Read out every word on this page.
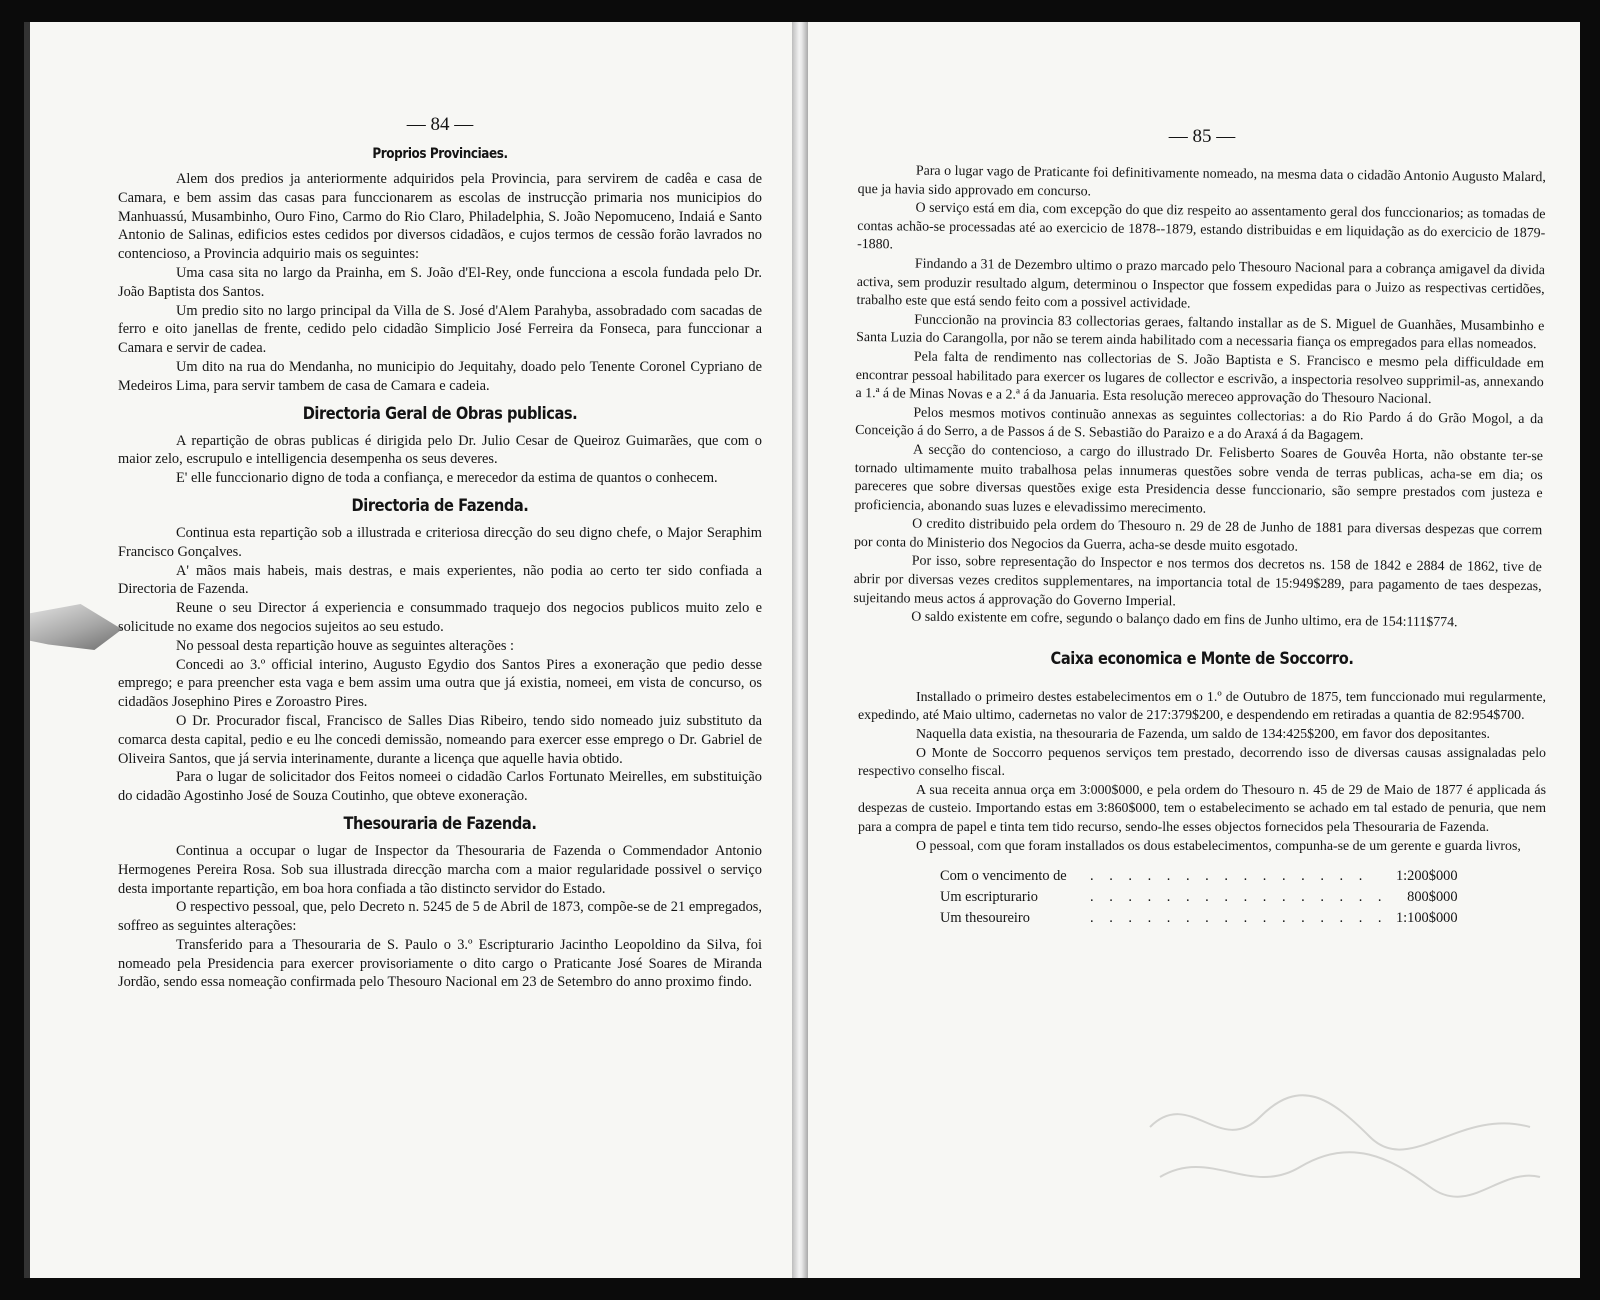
— 84 —
Proprios Provinciaes.

Alem dos predios ja anteriormente adquiridos pela Provincia, para servirem de cadêa e casa de Camara, e bem assim das casas para funccionarem as escolas de instrucção primaria nos municipios do Manhuassú, Musambinho, Ouro Fino, Carmo do Rio Claro, Philadelphia, S. João Nepomuceno, Indaiá e Santo Antonio de Salinas, edificios estes cedidos por diversos cidadãos, e cujos termos de cessão forão lavrados no contencioso, a Provincia adquirio mais os seguintes:

Uma casa sita no largo da Prainha, em S. João d'El-Rey, onde funcciona a escola fundada pelo Dr. João Baptista dos Santos.

Um predio sito no largo principal da Villa de S. José d'Alem Parahyba, assobradado com sacadas de ferro e oito janellas de frente, cedido pelo cidadão Simplicio José Ferreira da Fonseca, para funccionar a Camara e servir de cadea.

Um dito na rua do Mendanha, no municipio do Jequitahy, doado pelo Tenente Coronel Cypriano de Medeiros Lima, para servir tambem de casa de Camara e cadeia.

Directoria Geral de Obras publicas.

A repartição de obras publicas é dirigida pelo Dr. Julio Cesar de Queiroz Guimarães, que com o maior zelo, escrupulo e intelligencia desempenha os seus deveres.

E' elle funccionario digno de toda a confiança, e merecedor da estima de quantos o conhecem.

Directoria de Fazenda.

Continua esta repartição sob a illustrada e criteriosa direcção do seu digno chefe, o Major Seraphim Francisco Gonçalves.

A' mãos mais habeis, mais destras, e mais experientes, não podia ao certo ter sido confiada a Directoria de Fazenda.

Reune o seu Director á experiencia e consummado traquejo dos negocios publicos muito zelo e solicitude no exame dos negocios sujeitos ao seu estudo.

No pessoal desta repartição houve as seguintes alterações :

Concedi ao 3.º official interino, Augusto Egydio dos Santos Pires a exoneração que pedio desse emprego; e para preencher esta vaga e bem assim uma outra que já existia, nomeei, em vista de concurso, os cidadãos Josephino Pires e Zoroastro Pires.

O Dr. Procurador fiscal, Francisco de Salles Dias Ribeiro, tendo sido nomeado juiz substituto da comarca desta capital, pedio e eu lhe concedi demissão, nomeando para exercer esse emprego o Dr. Gabriel de Oliveira Santos, que já servia interinamente, durante a licença que aquelle havia obtido.

Para o lugar de solicitador dos Feitos nomeei o cidadão Carlos Fortunato Meirelles, em substituição do cidadão Agostinho José de Souza Coutinho, que obteve exoneração.

Thesouraria de Fazenda.

Continua a occupar o lugar de Inspector da Thesouraria de Fazenda o Commendador Antonio Hermogenes Pereira Rosa. Sob sua illustrada direcção marcha com a maior regularidade possivel o serviço desta importante repartição, em boa hora confiada a tão distincto servidor do Estado.

O respectivo pessoal, que, pelo Decreto n. 5245 de 5 de Abril de 1873, compõe-se de 21 empregados, soffreo as seguintes alterações:

Transferido para a Thesouraria de S. Paulo o 3.º Escripturario Jacintho Leopoldino da Silva, foi nomeado pela Presidencia para exercer provisoriamente o dito cargo o Praticante José Soares de Miranda Jordão, sendo essa nomeação confirmada pelo Thesouro Nacional em 23 de Setembro do anno proximo findo.

— 85 —

Para o lugar vago de Praticante foi definitivamente nomeado, na mesma data o cidadão Antonio Augusto Malard, que ja havia sido approvado em concurso.

O serviço está em dia, com excepção do que diz respeito ao assentamento geral dos funccionarios; as tomadas de contas achão-se processadas até ao exercicio de 1878--1879, estando distribuidas e em liquidação as do exercicio de 1879--1880.

Findando a 31 de Dezembro ultimo o prazo marcado pelo Thesouro Nacional para a cobrança amigavel da divida activa, sem produzir resultado algum, determinou o Inspector que fossem expedidas para o Juizo as respectivas certidões, trabalho este que está sendo feito com a possivel actividade.

Funccionão na provincia 83 collectorias geraes, faltando installar as de S. Miguel de Guanhães, Musambinho e Santa Luzia do Carangolla, por não se terem ainda habilitado com a necessaria fiança os empregados para ellas nomeados.

Pela falta de rendimento nas collectorias de S. João Baptista e S. Francisco e mesmo pela difficuldade em encontrar pessoal habilitado para exercer os lugares de collector e escrivão, a inspectoria resolveo supprimil-as, annexando a 1.ª á de Minas Novas e a 2.ª á da Januaria. Esta resolução mereceo approvação do Thesouro Nacional.

Pelos mesmos motivos continuão annexas as seguintes collectorias: a do Rio Pardo á do Grão Mogol, a da Conceição á do Serro, a de Passos á de S. Sebastião do Paraizo e a do Araxá á da Bagagem.

A secção do contencioso, a cargo do illustrado Dr. Felisberto Soares de Gouvêa Horta, não obstante ter-se tornado ultimamente muito trabalhosa pelas innumeras questões sobre venda de terras publicas, acha-se em dia; os pareceres que sobre diversas questões exige esta Presidencia desse funccionario, são sempre prestados com justeza e proficiencia, abonando suas luzes e elevadissimo merecimento.

O credito distribuido pela ordem do Thesouro n. 29 de 28 de Junho de 1881 para diversas despezas que correm por conta do Ministerio dos Negocios da Guerra, acha-se desde muito esgotado.

Por isso, sobre representação do Inspector e nos termos dos decretos ns. 158 de 1842 e 2884 de 1862, tive de abrir por diversas vezes creditos supplementares, na importancia total de 15:949$289, para pagamento de taes despezas, sujeitando meus actos á approvação do Governo Imperial.

O saldo existente em cofre, segundo o balanço dado em fins de Junho ultimo, era de 154:111$774.

Caixa economica e Monte de Soccorro.

Installado o primeiro destes estabelecimentos em o 1.º de Outubro de 1875, tem funccionado mui regularmente, expedindo, até Maio ultimo, cadernetas no valor de 217:379$200, e despendendo em retiradas a quantia de 82:954$700.

Naquella data existia, na thesouraria de Fazenda, um saldo de 134:425$200, em favor dos depositantes.

O Monte de Soccorro pequenos serviços tem prestado, decorrendo isso de diversas causas assignaladas pelo respectivo conselho fiscal.

A sua receita annua orça em 3:000$000, e pela ordem do Thesouro n. 45 de 29 de Maio de 1877 é applicada ás despezas de custeio. Importando estas em 3:860$000, tem o estabelecimento se achado em tal estado de penuria, que nem para a compra de papel e tinta tem tido recurso, sendo-lhe esses objectos fornecidos pela Thesouraria de Fazenda.

O pessoal, com que foram installados os dous estabelecimentos, compunha-se de um gerente e guarda livros,

Com o vencimento de	. . . . . . . . . . . . . . .	1:200$000
Um escripturario	. . . . . . . . . . . . . . . .	800$000
Um thesoureiro	. . . . . . . . . . . . . . . .	1:100$000
